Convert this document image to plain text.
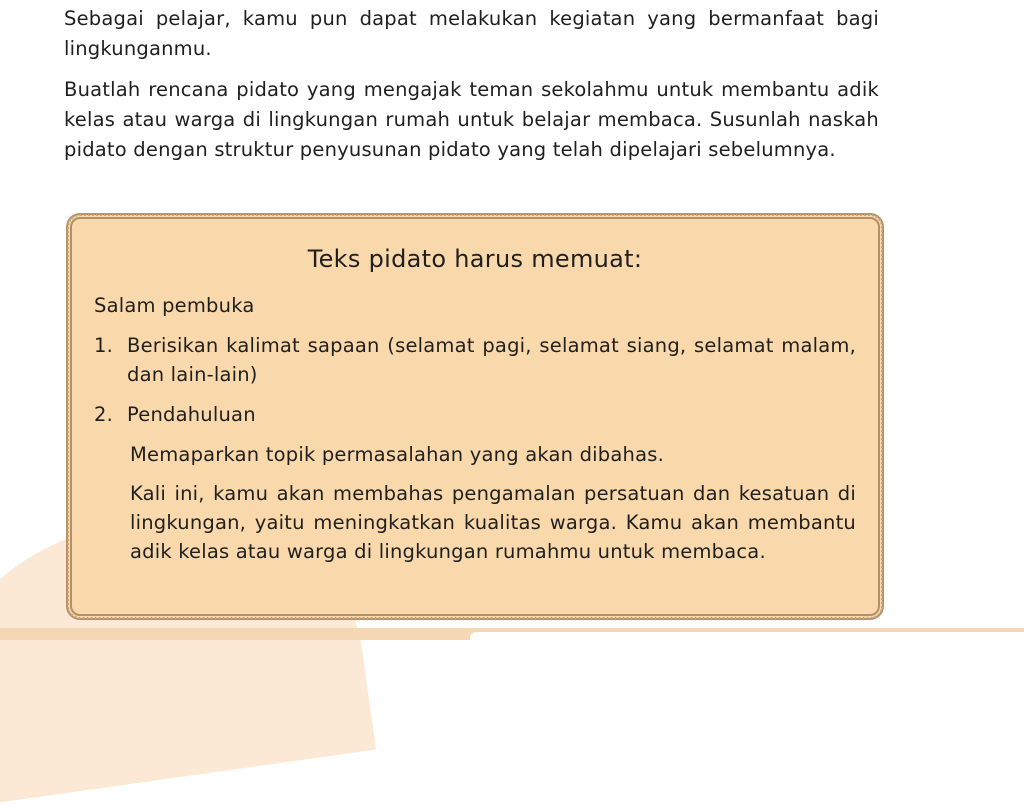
Sebagai pelajar, kamu pun dapat melakukan kegiatan yang bermanfaat bagi lingkunganmu.

Buatlah rencana pidato yang mengajak teman sekolahmu untuk membantu adik kelas atau warga di lingkungan rumah untuk belajar membaca. Susunlah naskah pidato dengan struktur penyusunan pidato yang telah dipelajari sebelumnya.

Teks pidato harus memuat:
Salam pembuka
1. Berisikan kalimat sapaan (selamat pagi, selamat siang, selamat malam, dan lain-lain)
2. Pendahuluan

Memaparkan topik permasalahan yang akan dibahas.

Kali ini, kamu akan membahas pengamalan persatuan dan kesatuan di lingkungan, yaitu meningkatkan kualitas warga. Kamu akan membantu adik kelas atau warga di lingkungan rumahmu untuk membaca.
